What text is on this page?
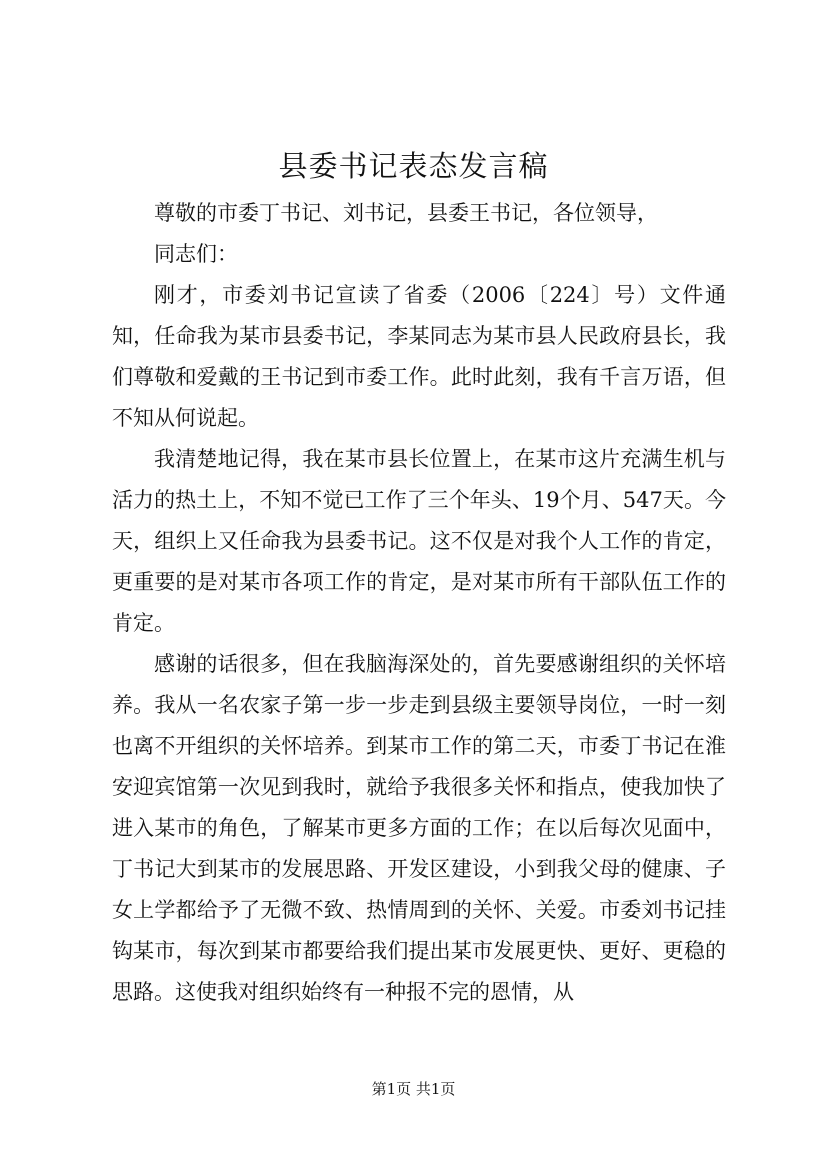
县委书记表态发言稿

尊敬的市委丁书记、刘书记，县委王书记，各位领导，

同志们：

刚才，市委刘书记宣读了省委（2006〔224〕号）文件通知，任命我为某市县委书记，李某同志为某市县人民政府县长，我们尊敬和爱戴的王书记到市委工作。此时此刻，我有千言万语，但不知从何说起。

我清楚地记得，我在某市县长位置上，在某市这片充满生机与活力的热土上，不知不觉已工作了三个年头、19个月、547天。今天，组织上又任命我为县委书记。这不仅是对我个人工作的肯定，更重要的是对某市各项工作的肯定，是对某市所有干部队伍工作的肯定。

感谢的话很多，但在我脑海深处的，首先要感谢组织的关怀培养。我从一名农家子第一步一步走到县级主要领导岗位，一时一刻也离不开组织的关怀培养。到某市工作的第二天，市委丁书记在淮安迎宾馆第一次见到我时，就给予我很多关怀和指点，使我加快了进入某市的角色，了解某市更多方面的工作；在以后每次见面中，丁书记大到某市的发展思路、开发区建设，小到我父母的健康、子女上学都给予了无微不致、热情周到的关怀、关爱。市委刘书记挂钩某市，每次到某市都要给我们提出某市发展更快、更好、更稳的思路。这使我对组织始终有一种报不完的恩情，从

第1页 共1页
